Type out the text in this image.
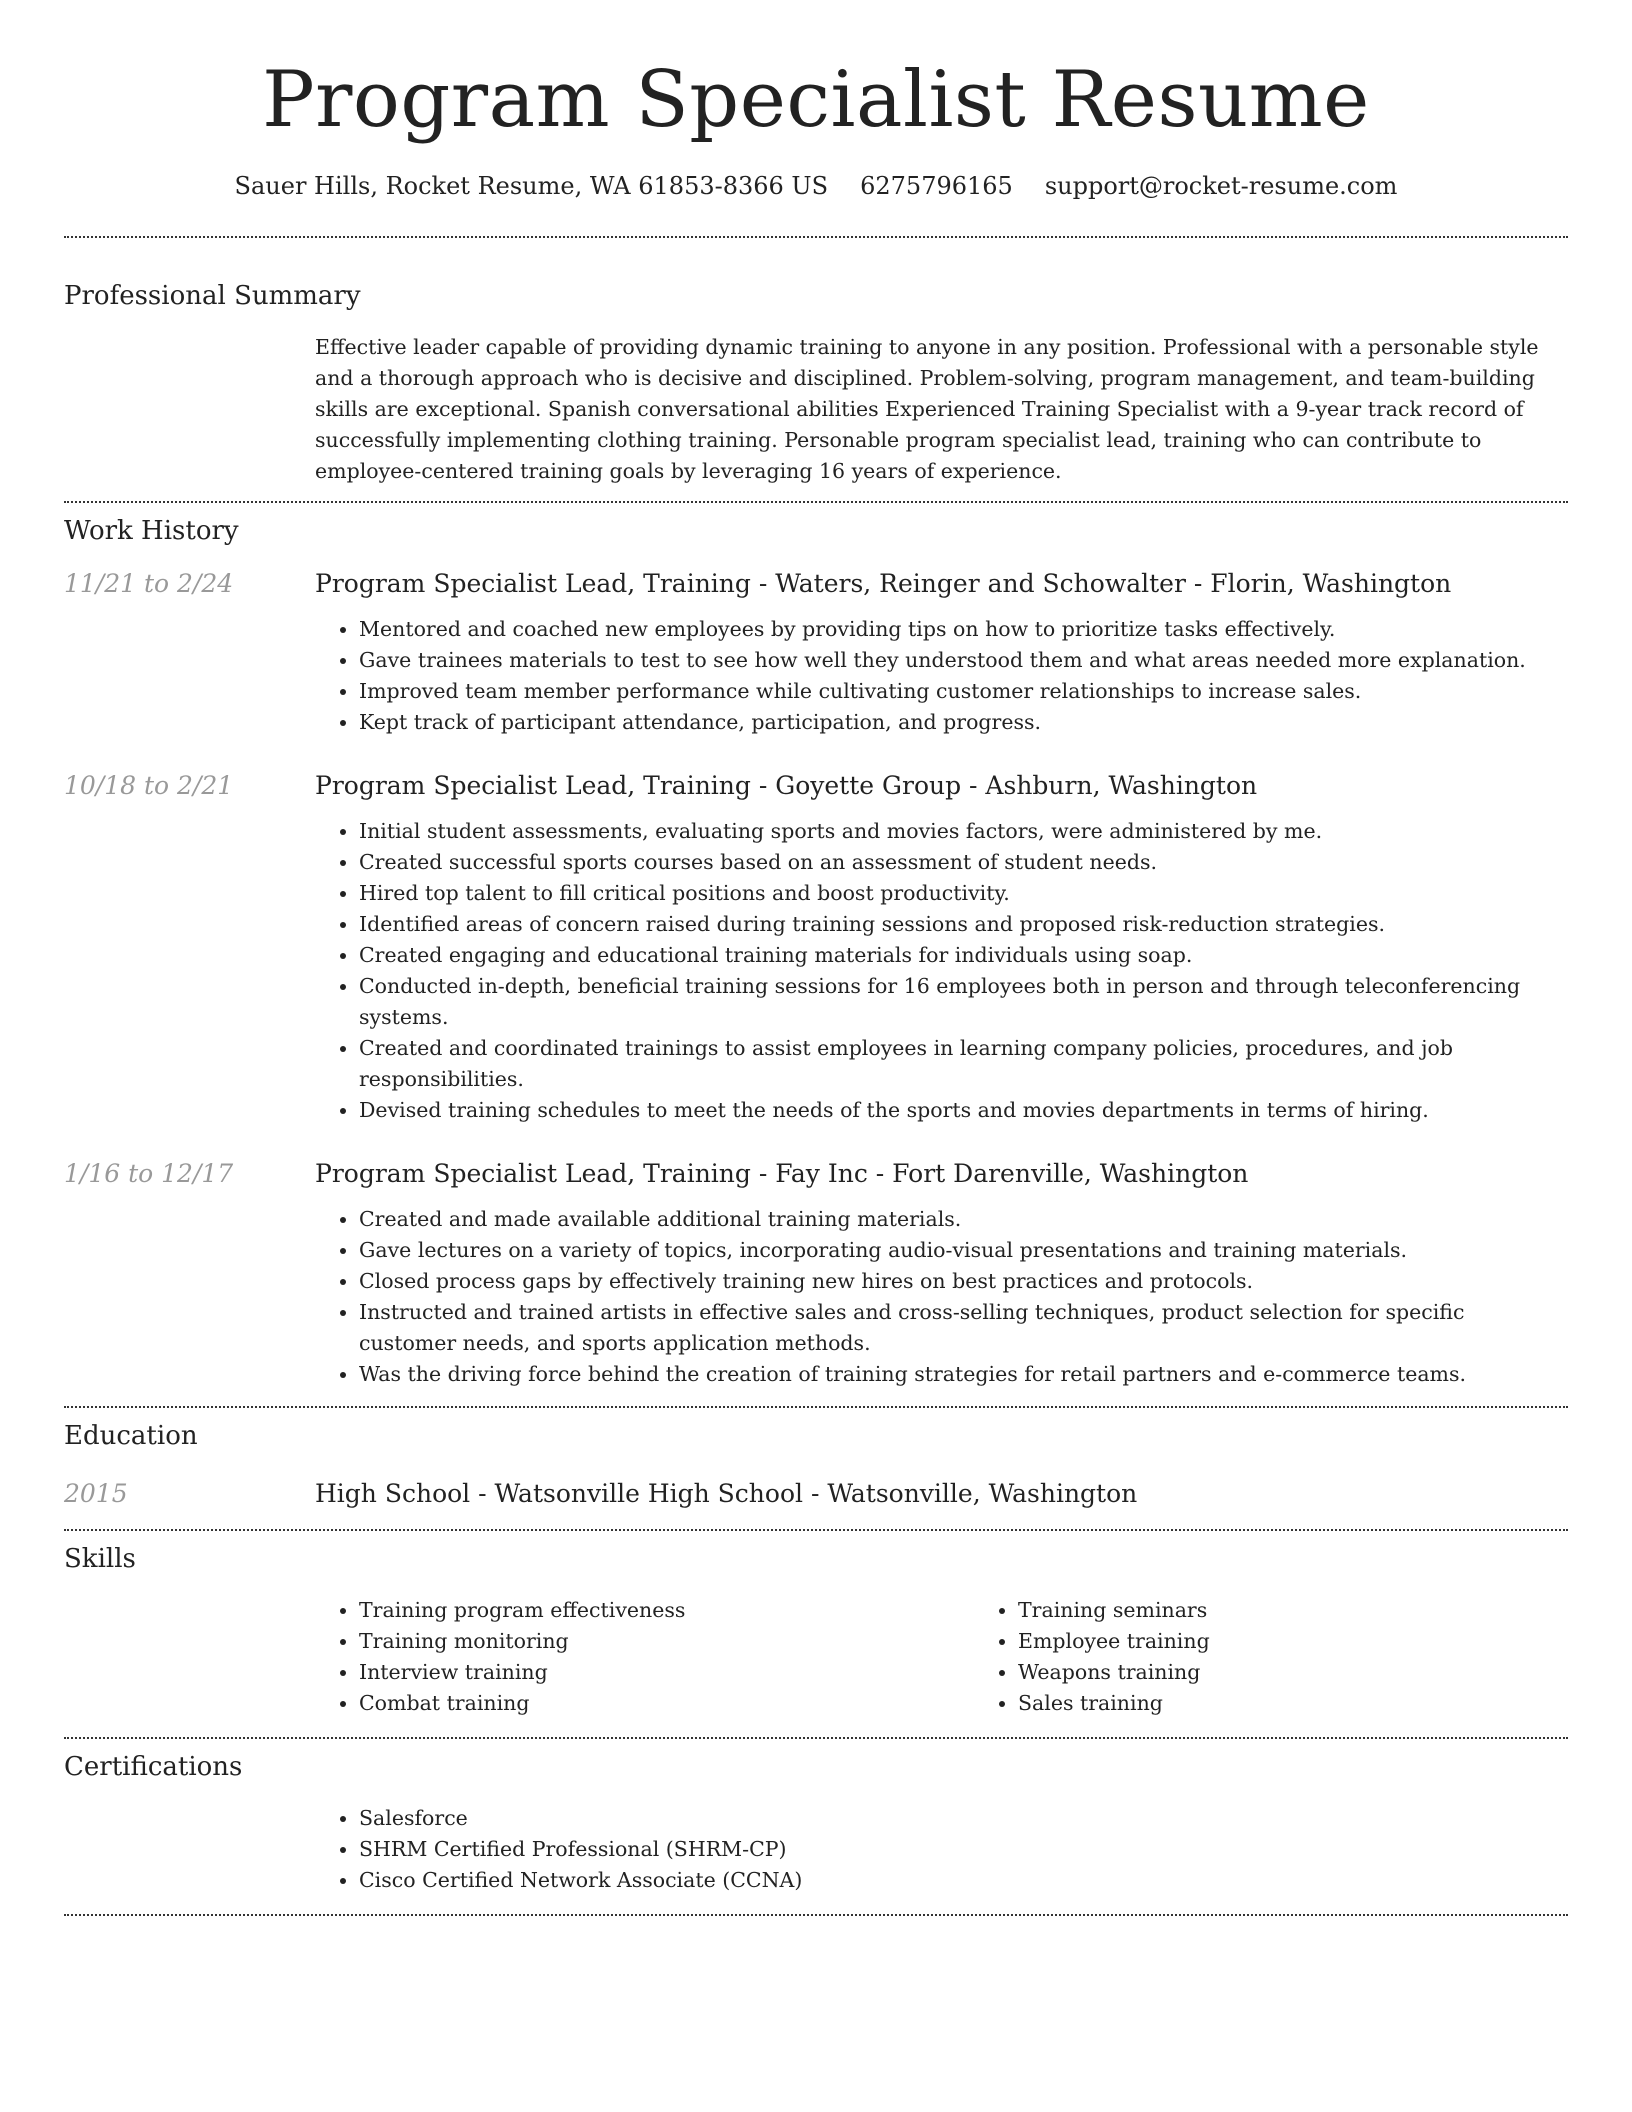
Program Specialist Resume
Sauer Hills, Rocket Resume, WA 61853-8366 US 6275796165 support@rocket-resume.com
Professional Summary

Effective leader capable of providing dynamic training to anyone in any position. Professional with a personable style and a thorough approach who is decisive and disciplined. Problem-solving, program management, and team-building skills are exceptional. Spanish conversational abilities Experienced Training Specialist with a 9-year track record of successfully implementing clothing training. Personable program specialist lead, training who can contribute to employee-centered training goals by leveraging 16 years of experience.

Work History
11/21 to 2/24	Program Specialist Lead, Training - Waters, Reinger and Schowalter - Florin, Washington

• Mentored and coached new employees by providing tips on how to prioritize tasks effectively.
• Gave trainees materials to test to see how well they understood them and what areas needed more explanation.
• Improved team member performance while cultivating customer relationships to increase sales.
• Kept track of participant attendance, participation, and progress.
10/18 to 2/21	Program Specialist Lead, Training - Goyette Group - Ashburn, Washington

• Initial student assessments, evaluating sports and movies factors, were administered by me.
• Created successful sports courses based on an assessment of student needs.
• Hired top talent to fill critical positions and boost productivity.
• Identified areas of concern raised during training sessions and proposed risk-reduction strategies.
• Created engaging and educational training materials for individuals using soap.
• Conducted in-depth, beneficial training sessions for 16 employees both in person and through teleconferencing systems.
• Created and coordinated trainings to assist employees in learning company policies, procedures, and job responsibilities.
• Devised training schedules to meet the needs of the sports and movies departments in terms of hiring.
1/16 to 12/17	Program Specialist Lead, Training - Fay Inc - Fort Darenville, Washington

• Created and made available additional training materials.
• Gave lectures on a variety of topics, incorporating audio-visual presentations and training materials.
• Closed process gaps by effectively training new hires on best practices and protocols.
• Instructed and trained artists in effective sales and cross-selling techniques, product selection for specific customer needs, and sports application methods.
• Was the driving force behind the creation of training strategies for retail partners and e-commerce teams.
Education
2015	High School - Watsonville High School - Watsonville, Washington

Skills
• Training program effectiveness
• Training monitoring
• Interview training
• Combat training
• Training seminars
• Employee training
• Weapons training
• Sales training
Certifications
• Salesforce
• SHRM Certified Professional (SHRM-CP)
• Cisco Certified Network Associate (CCNA)
